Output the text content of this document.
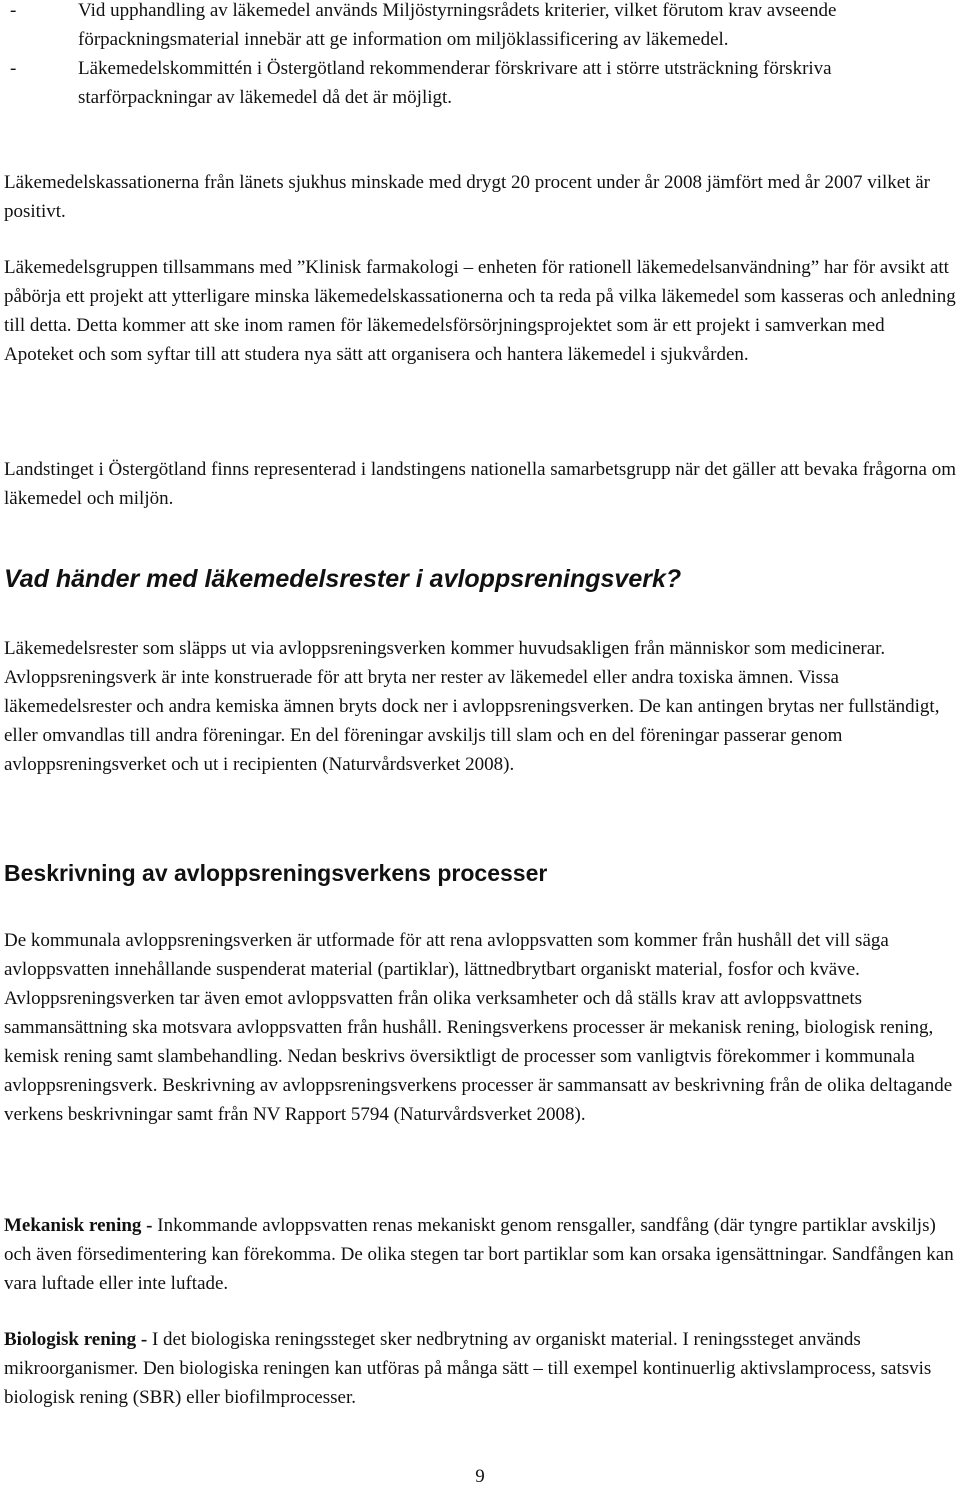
-	Vid upphandling av läkemedel används Miljöstyrningsrådets kriterier, vilket förutom krav avseende förpackningsmaterial innebär att ge information om miljöklassificering av läkemedel.
-	Läkemedelskommittén i Östergötland rekommenderar förskrivare att i större utsträckning förskriva starförpackningar av läkemedel då det är möjligt.

Läkemedelskassationerna från länets sjukhus minskade med drygt 20 procent under år 2008 jämfört med år 2007 vilket är positivt.

Läkemedelsgruppen tillsammans med ”Klinisk farmakologi – enheten för rationell läkemedelsanvändning” har för avsikt att påbörja ett projekt att ytterligare minska läkemedelskassationerna och ta reda på vilka läkemedel som kasseras och anledning till detta. Detta kommer att ske inom ramen för läkemedelsförsörjningsprojektet som är ett projekt i samverkan med Apoteket och som syftar till att studera nya sätt att organisera och hantera läkemedel i sjukvården.

Landstinget i Östergötland finns representerad i landstingens nationella samarbetsgrupp när det gäller att bevaka frågorna om läkemedel och miljön.

Vad händer med läkemedelsrester i avloppsreningsverk?

Läkemedelsrester som släpps ut via avloppsreningsverken kommer huvudsakligen från människor som medicinerar. Avloppsreningsverk är inte konstruerade för att bryta ner rester av läkemedel eller andra toxiska ämnen. Vissa läkemedelsrester och andra kemiska ämnen bryts dock ner i avloppsreningsverken. De kan antingen brytas ner fullständigt, eller omvandlas till andra föreningar. En del föreningar avskiljs till slam och en del föreningar passerar genom avloppsreningsverket och ut i recipienten (Naturvårdsverket 2008).

Beskrivning av avloppsreningsverkens processer

De kommunala avloppsreningsverken är utformade för att rena avloppsvatten som kommer från hushåll det vill säga avloppsvatten innehållande suspenderat material (partiklar), lättnedbrytbart organiskt material, fosfor och kväve. Avloppsreningsverken tar även emot avloppsvatten från olika verksamheter och då ställs krav att avloppsvattnets sammansättning ska motsvara avloppsvatten från hushåll. Reningsverkens processer är mekanisk rening, biologisk rening, kemisk rening samt slambehandling. Nedan beskrivs översiktligt de processer som vanligtvis förekommer i kommunala avloppsreningsverk. Beskrivning av avloppsreningsverkens processer är sammansatt av beskrivning från de olika deltagande verkens beskrivningar samt från NV Rapport 5794 (Naturvårdsverket 2008).

Mekanisk rening - Inkommande avloppsvatten renas mekaniskt genom rensgaller, sandfång (där tyngre partiklar avskiljs) och även försedimentering kan förekomma. De olika stegen tar bort partiklar som kan orsaka igensättningar. Sandfången kan vara luftade eller inte luftade.

Biologisk rening - I det biologiska reningssteget sker nedbrytning av organiskt material. I reningssteget används mikroorganismer. Den biologiska reningen kan utföras på många sätt – till exempel kontinuerlig aktivslamprocess, satsvis biologisk rening (SBR) eller biofilmprocesser.

9
